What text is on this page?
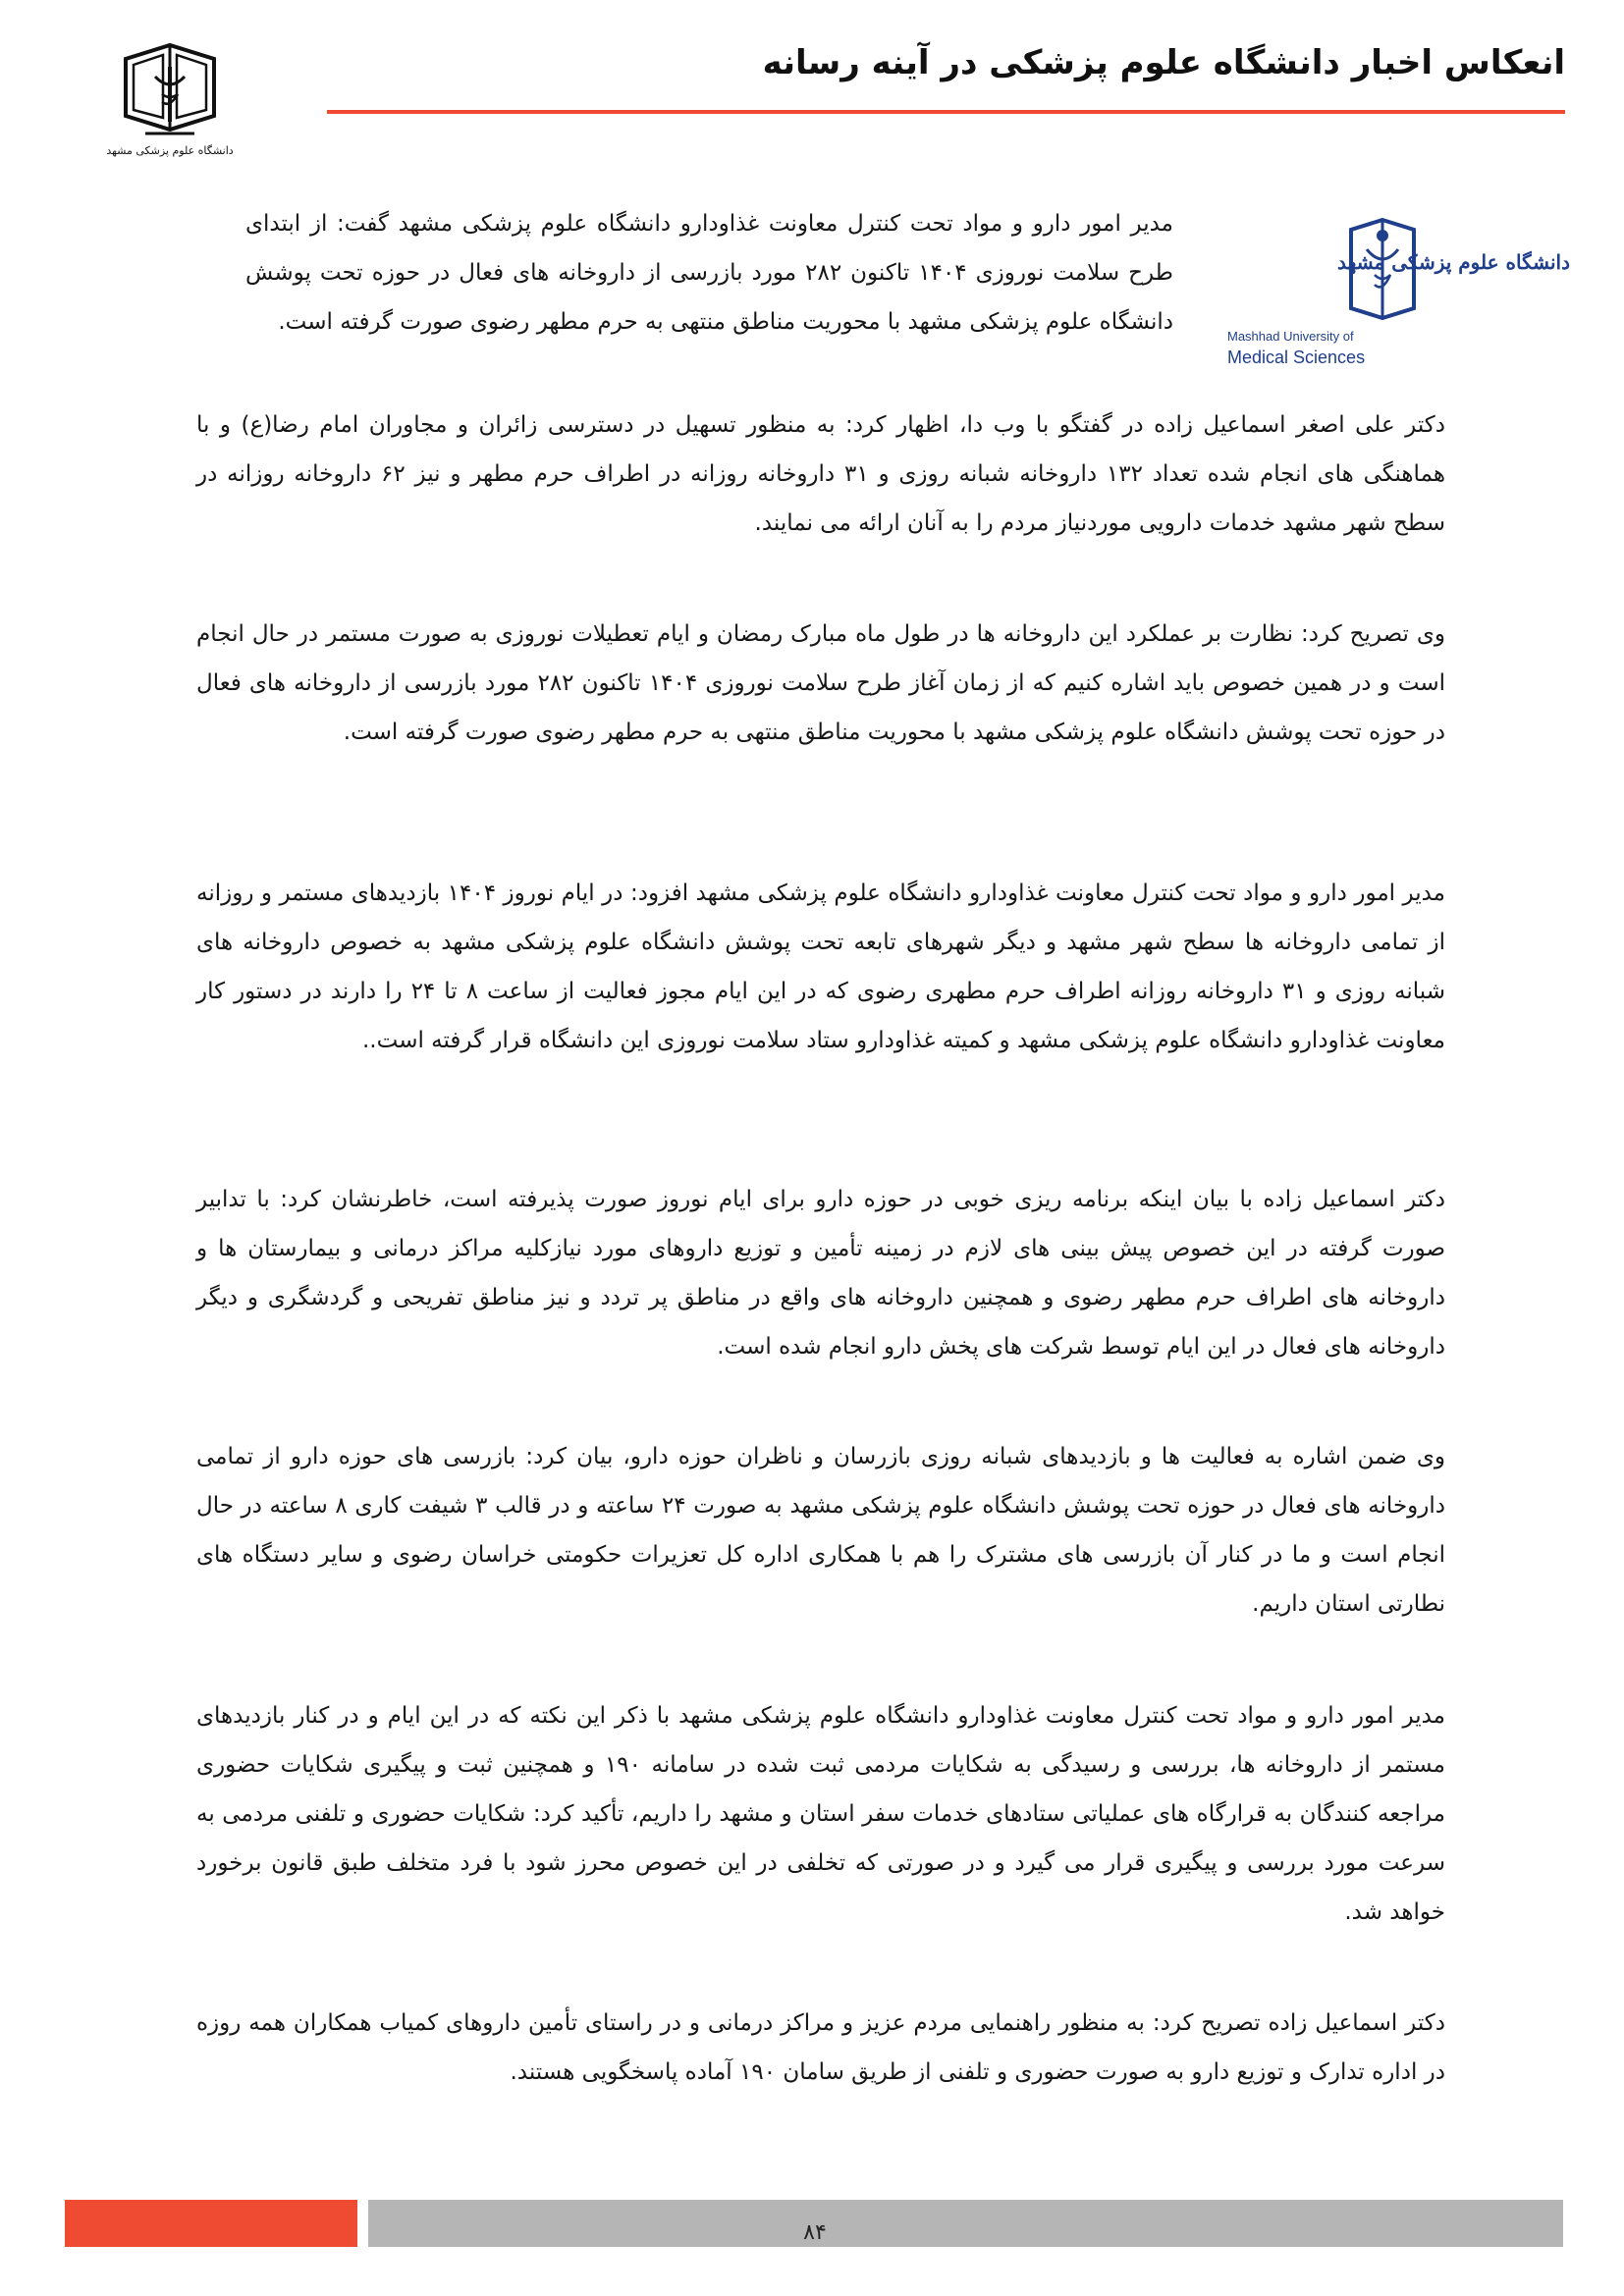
انعکاس اخبار دانشگاه علوم پزشکی در آینه رسانه
دانشگاه علوم پزشکی مشهد
دانشگاه علوم پزشکی مشهد
Mashhad University of
Medical Sciences

مدیر امور دارو و مواد تحت کنترل معاونت غذاودارو دانشگاه علوم پزشکی مشهد گفت: از ابتدای طرح سلامت نوروزی ۱۴۰۴ تاکنون ۲۸۲ مورد بازرسی از داروخانه های فعال در حوزه تحت پوشش دانشگاه علوم پزشکی مشهد با محوریت مناطق منتهی به حرم مطهر رضوی صورت گرفته است.

دکتر علی اصغر اسماعیل زاده در گفتگو با وب دا، اظهار کرد: به منظور تسهیل در دسترسی زائران و مجاوران امام رضا(ع) و با هماهنگی های انجام شده تعداد ۱۳۲ داروخانه شبانه روزی و ۳۱ داروخانه روزانه در اطراف حرم مطهر و نیز ۶۲ داروخانه روزانه در سطح شهر مشهد خدمات دارویی موردنیاز مردم را به آنان ارائه می نمایند.

وی تصریح کرد: نظارت بر عملکرد این داروخانه ها در طول ماه مبارک رمضان و ایام تعطیلات نوروزی به صورت مستمر در حال انجام است و در همین خصوص باید اشاره کنیم که از زمان آغاز طرح سلامت نوروزی ۱۴۰۴ تاکنون ۲۸۲ مورد بازرسی از داروخانه های فعال در حوزه تحت پوشش دانشگاه علوم پزشکی مشهد با محوریت مناطق منتهی به حرم مطهر رضوی صورت گرفته است.

مدیر امور دارو و مواد تحت کنترل معاونت غذاودارو دانشگاه علوم پزشکی مشهد افزود: در ایام نوروز ۱۴۰۴ بازدیدهای مستمر و روزانه از تمامی داروخانه ها سطح شهر مشهد و دیگر شهرهای تابعه تحت پوشش دانشگاه علوم پزشکی مشهد به خصوص داروخانه های شبانه روزی و ۳۱ داروخانه روزانه اطراف حرم مطهری رضوی که در این ایام مجوز فعالیت از ساعت ۸ تا ۲۴ را دارند در دستور کار معاونت غذاودارو دانشگاه علوم پزشکی مشهد و کمیته غذاودارو ستاد سلامت نوروزی این دانشگاه قرار گرفته است..

دکتر اسماعیل زاده با بیان اینکه برنامه ریزی خوبی در حوزه دارو برای ایام نوروز صورت پذیرفته است، خاطرنشان کرد: با تدابیر صورت گرفته در این خصوص پیش بینی های لازم در زمینه تأمین و توزیع داروهای مورد نیازکلیه مراکز درمانی و بیمارستان ها و داروخانه های اطراف حرم مطهر رضوی و همچنین داروخانه های واقع در مناطق پر تردد و نیز مناطق تفریحی و گردشگری و دیگر داروخانه های فعال در این ایام توسط شرکت های پخش دارو انجام شده است.

وی ضمن اشاره به فعالیت ها و بازدیدهای شبانه روزی بازرسان و ناظران حوزه دارو، بیان کرد: بازرسی های حوزه دارو از تمامی داروخانه های فعال در حوزه تحت پوشش دانشگاه علوم پزشکی مشهد به صورت ۲۴ ساعته و در قالب ۳ شیفت کاری ۸ ساعته در حال انجام است و ما در کنار آن بازرسی های مشترک را هم با همکاری اداره کل تعزیرات حکومتی خراسان رضوی و سایر دستگاه های نطارتی استان داریم.

مدیر امور دارو و مواد تحت کنترل معاونت غذاودارو دانشگاه علوم پزشکی مشهد با ذکر این نکته که در این ایام و در کنار بازدیدهای مستمر از داروخانه ها، بررسی و رسیدگی به شکایات مردمی ثبت شده در سامانه ۱۹۰ و همچنین ثبت و پیگیری شکایات حضوری مراجعه کنندگان به قرارگاه های عملیاتی ستادهای خدمات سفر استان و مشهد را داریم، تأکید کرد: شکایات حضوری و تلفنی مردمی به سرعت مورد بررسی و پیگیری قرار می گیرد و در صورتی که تخلفی در این خصوص محرز شود با فرد متخلف طبق قانون برخورد خواهد شد.

دکتر اسماعیل زاده تصریح کرد: به منظور راهنمایی مردم عزیز و مراکز درمانی و در راستای تأمین داروهای کمیاب همکاران همه روزه در اداره تدارک و توزیع دارو به صورت حضوری و تلفنی از طریق سامان ۱۹۰ آماده پاسخگویی هستند.

۸۴
